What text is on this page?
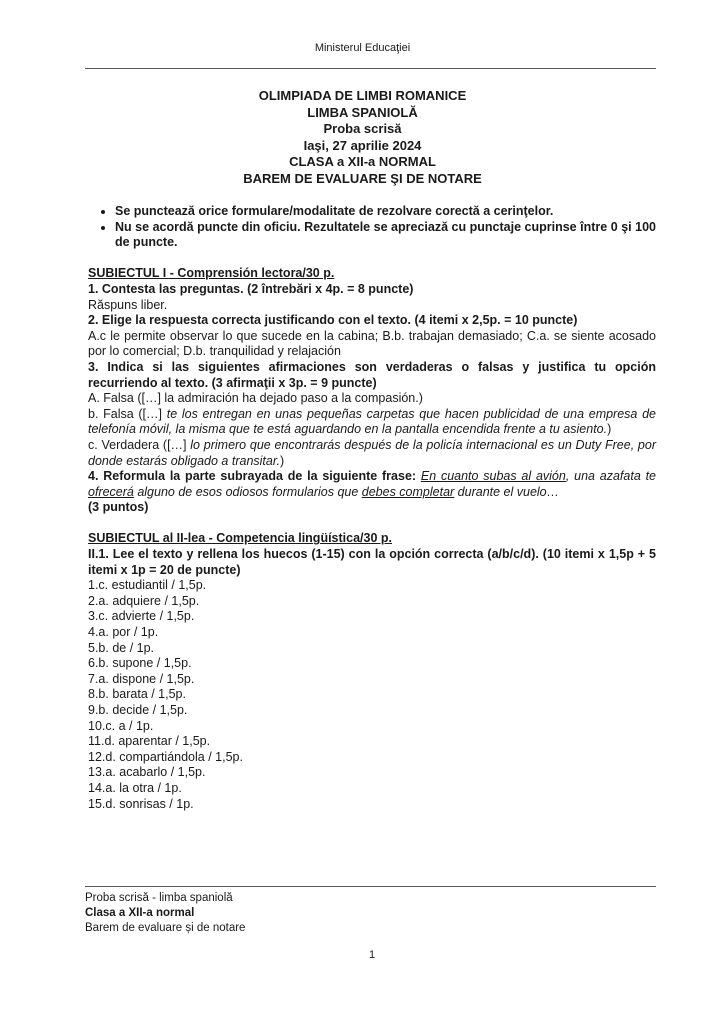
Ministerul Educaţiei
OLIMPIADA DE LIMBI ROMANICE
LIMBA SPANIOLĂ
Proba scrisă
Iaşi, 27 aprilie 2024
CLASA a XII-a NORMAL
BAREM DE EVALUARE ŞI DE NOTARE
• Se punctează orice formulare/modalitate de rezolvare corectă a cerinţelor.
• Nu se acordă puncte din oficiu. Rezultatele se apreciază cu punctaje cuprinse între 0 şi 100 de puncte.

SUBIECTUL I - Comprensión lectora/30 p.

1. Contesta las preguntas. (2 întrebări x 4p. = 8 puncte)

Răspuns liber.

2. Elige la respuesta correcta justificando con el texto. (4 itemi x 2,5p. = 10 puncte)

A.c le permite observar lo que sucede en la cabina; B.b. trabajan demasiado; C.a. se siente acosado por lo comercial; D.b. tranquilidad y relajación

3. Indica si las siguientes afirmaciones son verdaderas o falsas y justifica tu opción recurriendo al texto. (3 afirmaţii x 3p. = 9 puncte)

A. Falsa ([…] la admiración ha dejado paso a la compasión.)

b. Falsa ([…] te los entregan en unas pequeñas carpetas que hacen publicidad de una empresa de telefonía móvil, la misma que te está aguardando en la pantalla encendida frente a tu asiento.)

c. Verdadera ([…] lo primero que encontrarás después de la policía internacional es un Duty Free, por donde estarás obligado a transitar.)

4. Reformula la parte subrayada de la siguiente frase: En cuanto subas al avión, una azafata te ofrecerá alguno de esos odiosos formularios que debes completar durante el vuelo…

(3 puntos)

SUBIECTUL al II-lea - Competencia lingüística/30 p.

II.1. Lee el texto y rellena los huecos (1-15) con la opción correcta (a/b/c/d). (10 itemi x 1,5p + 5 itemi x 1p = 20 de puncte)

1.c. estudiantil / 1,5p.

2.a. adquiere / 1,5p.

3.c. advierte / 1,5p.

4.a. por / 1p.

5.b. de / 1p.

6.b. supone / 1,5p.

7.a. dispone / 1,5p.

8.b. barata / 1,5p.

9.b. decide / 1,5p.

10.c. a / 1p.

11.d. aparentar / 1,5p.

12.d. compartiándola / 1,5p.

13.a. acabarlo / 1,5p.

14.a. la otra / 1p.

15.d. sonrisas / 1p.

Proba scrisă - limba spaniolă
Clasa a XII-a normal
Barem de evaluare și de notare
1
